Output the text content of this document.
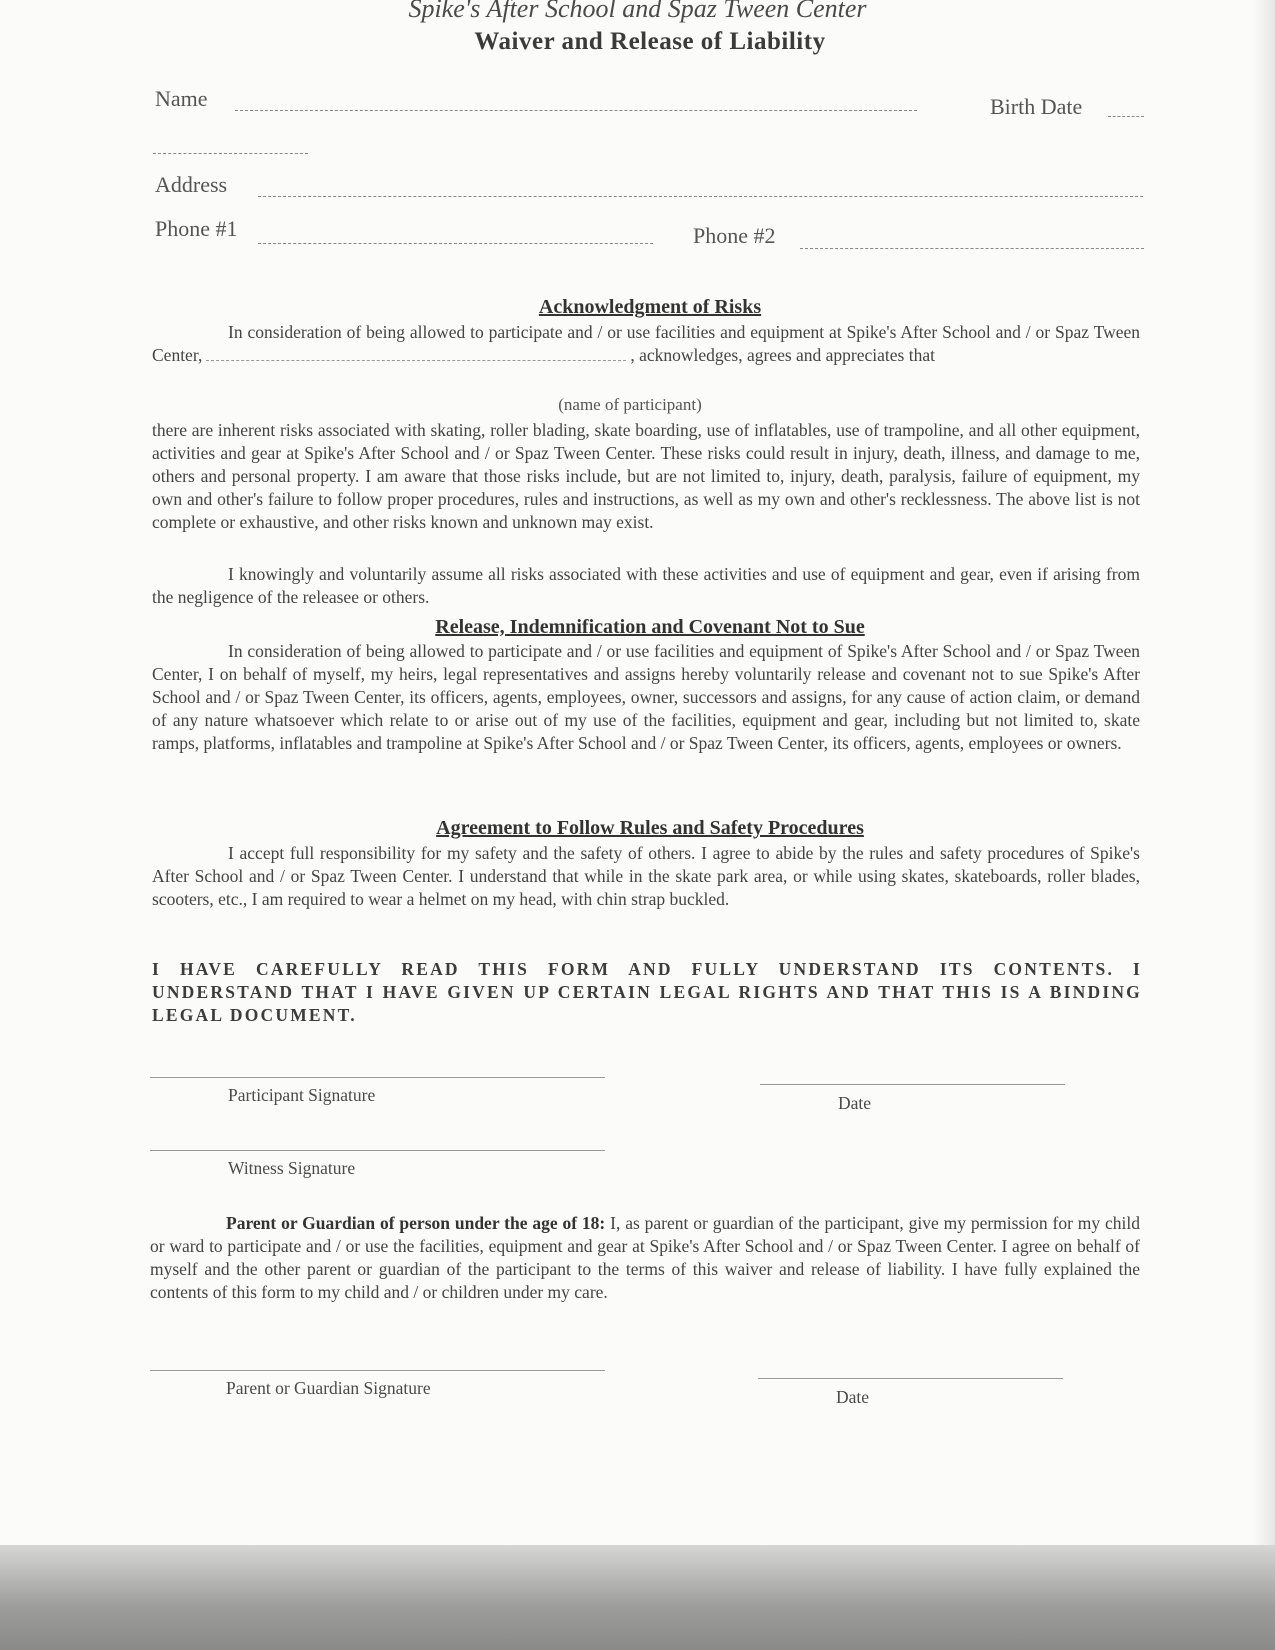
Spike's After School and Spaz Tween Center
Waiver and Release of Liability
Name	Birth Date
Address
Phone #1	Phone #2
Acknowledgment of Risks
In consideration of being allowed to participate and / or use facilities and equipment at Spike's After School and / or Spaz Tween Center,	, acknowledges, agrees and appreciates that
(name of participant)
there are inherent risks associated with skating, roller blading, skate boarding, use of inflatables, use of trampoline, and all other equipment, activities and gear at Spike's After School and / or Spaz Tween Center. These risks could result in injury, death, illness, and damage to me, others and personal property. I am aware that those risks include, but are not limited to, injury, death, paralysis, failure of equipment, my own and other's failure to follow proper procedures, rules and instructions, as well as my own and other's recklessness. The above list is not complete or exhaustive, and other risks known and unknown may exist.
I knowingly and voluntarily assume all risks associated with these activities and use of equipment and gear, even if arising from the negligence of the releasee or others.
Release, Indemnification and Covenant Not to Sue
In consideration of being allowed to participate and / or use facilities and equipment of Spike's After School and / or Spaz Tween Center, I on behalf of myself, my heirs, legal representatives and assigns hereby voluntarily release and covenant not to sue Spike's After School and / or Spaz Tween Center, its officers, agents, employees, owner, successors and assigns, for any cause of action claim, or demand of any nature whatsoever which relate to or arise out of my use of the facilities, equipment and gear, including but not limited to, skate ramps, platforms, inflatables and trampoline at Spike's After School and / or Spaz Tween Center, its officers, agents, employees or owners.
Agreement to Follow Rules and Safety Procedures
I accept full responsibility for my safety and the safety of others. I agree to abide by the rules and safety procedures of Spike's After School and / or Spaz Tween Center. I understand that while in the skate park area, or while using skates, skateboards, roller blades, scooters, etc., I am required to wear a helmet on my head, with chin strap buckled.
I HAVE CAREFULLY READ THIS FORM AND FULLY UNDERSTAND ITS CONTENTS. I UNDERSTAND THAT I HAVE GIVEN UP CERTAIN LEGAL RIGHTS AND THAT THIS IS A BINDING LEGAL DOCUMENT.
Participant Signature	Date
Witness Signature
Parent or Guardian of person under the age of 18: I, as parent or guardian of the participant, give my permission for my child or ward to participate and / or use the facilities, equipment and gear at Spike's After School and / or Spaz Tween Center. I agree on behalf of myself and the other parent or guardian of the participant to the terms of this waiver and release of liability. I have fully explained the contents of this form to my child and / or children under my care.
Parent or Guardian Signature	Date
